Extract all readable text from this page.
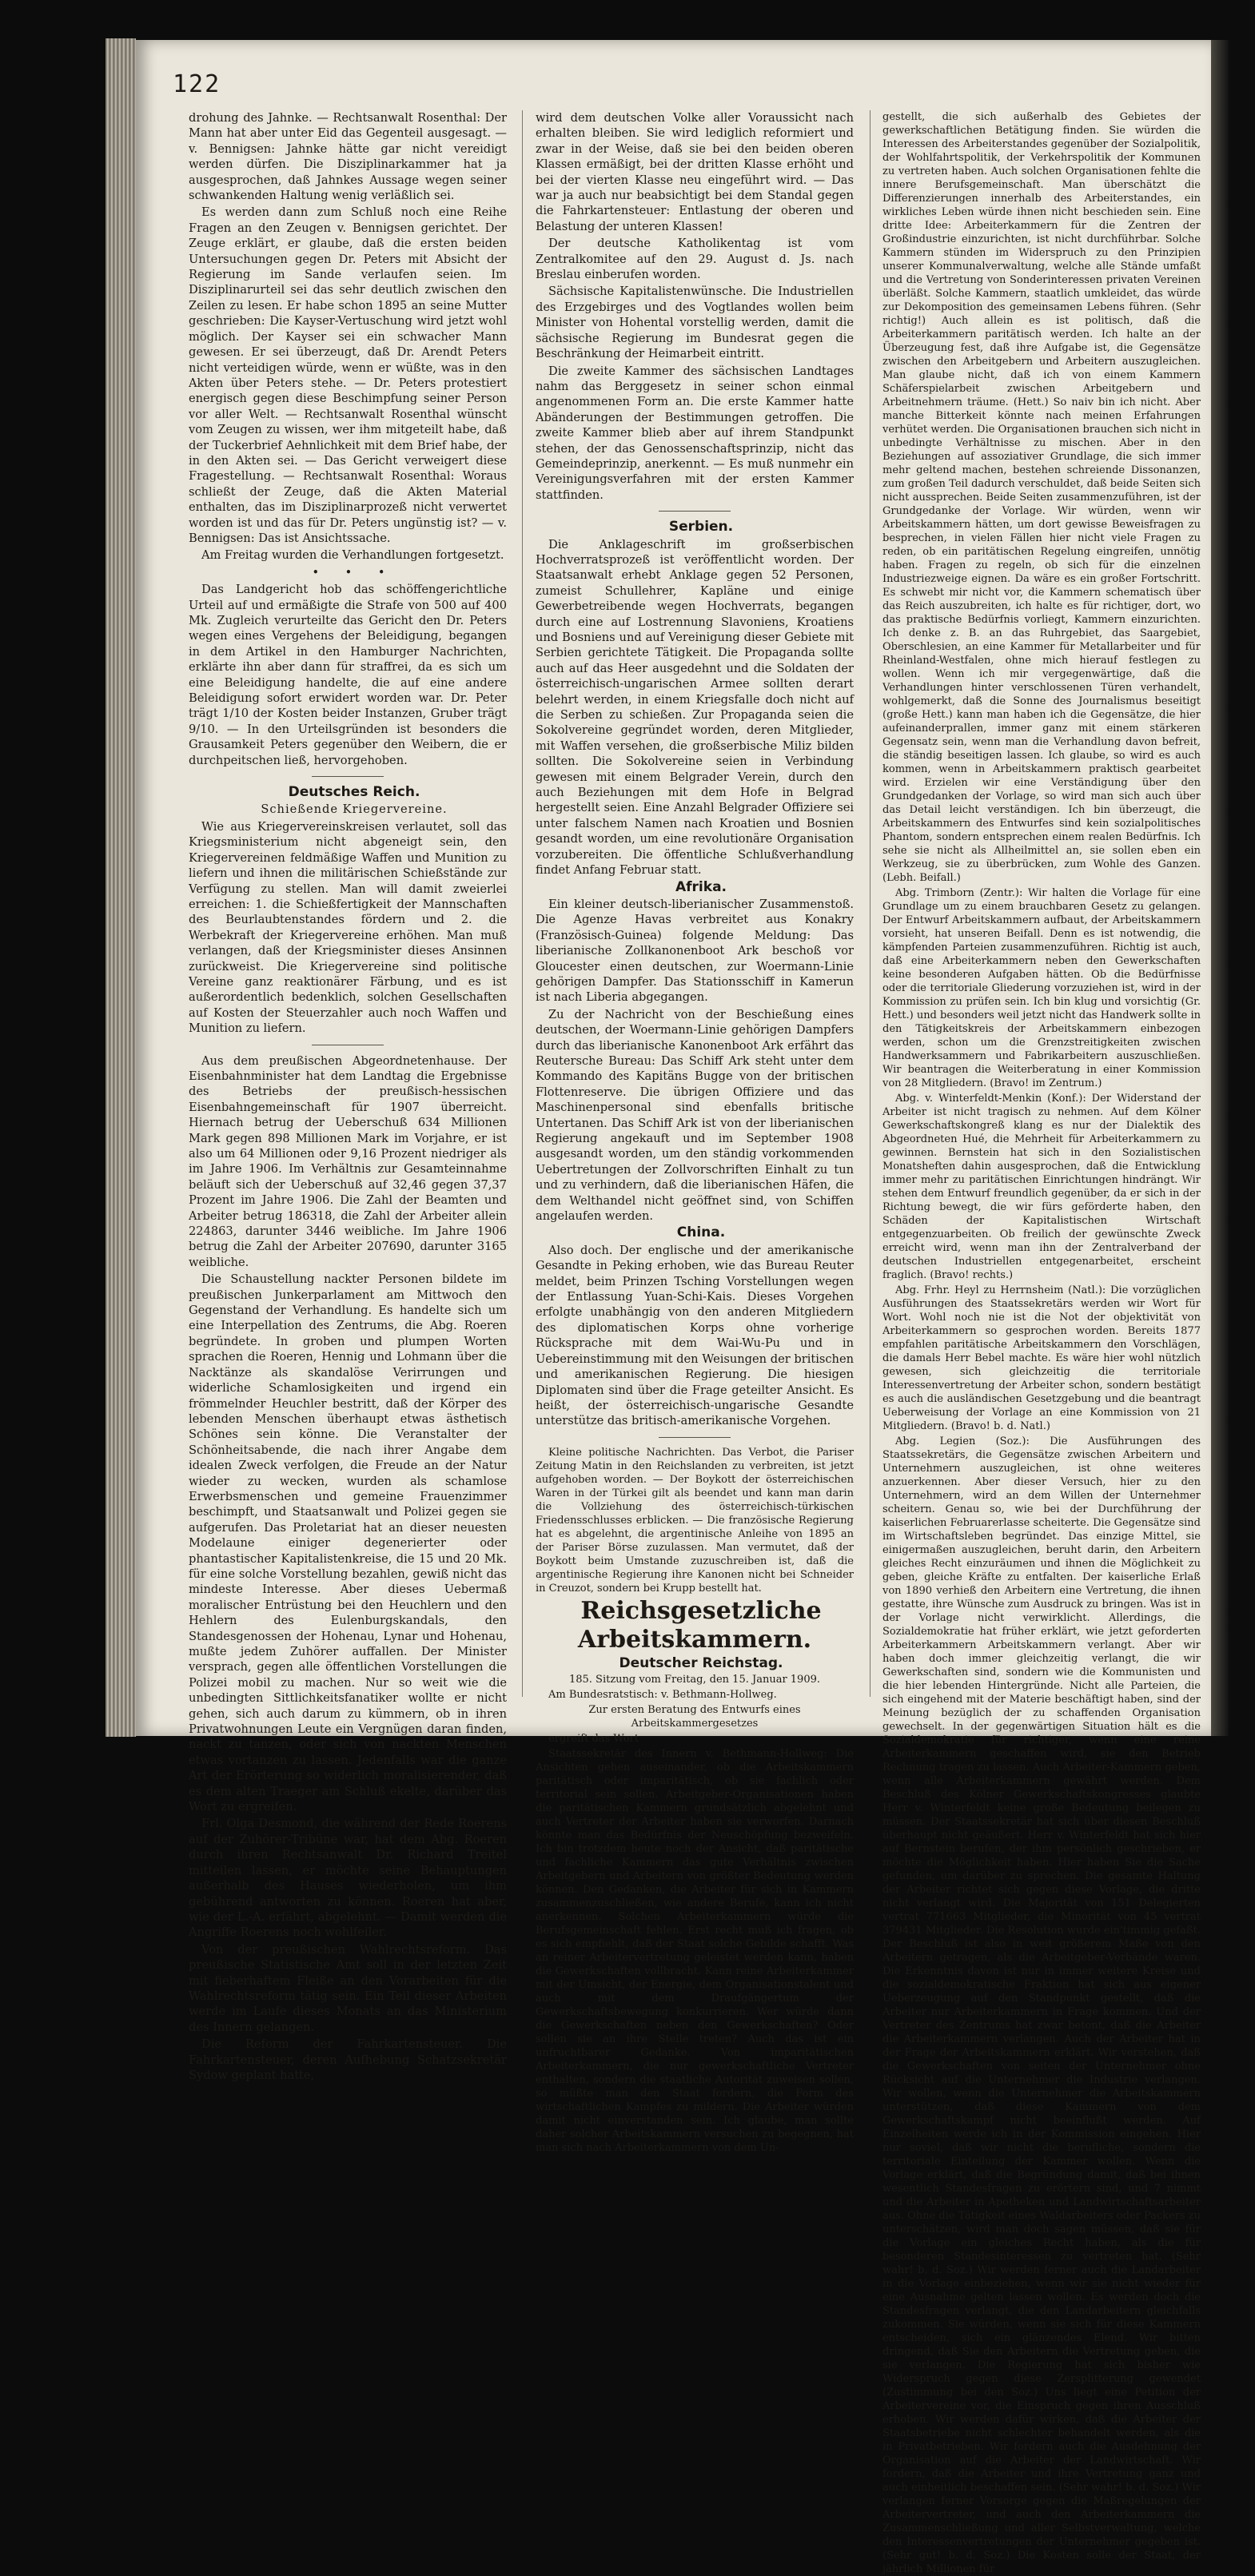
122

drohung des Jahnke. — Rechtsanwalt Rosenthal: Der Mann hat aber unter Eid das Gegenteil ausgesagt. — v. Bennigsen: Jahnke hätte gar nicht vereidigt werden dürfen. Die Disziplinarkammer hat ja ausgesprochen, daß Jahnkes Aussage wegen seiner schwankenden Haltung wenig verläßlich sei.

Es werden dann zum Schluß noch eine Reihe Fragen an den Zeugen v. Bennigsen gerichtet. Der Zeuge erklärt, er glaube, daß die ersten beiden Untersuchungen gegen Dr. Peters mit Absicht der Regierung im Sande verlaufen seien. Im Disziplinarurteil sei das sehr deutlich zwischen den Zeilen zu lesen. Er habe schon 1895 an seine Mutter geschrieben: Die Kayser-Vertuschung wird jetzt wohl möglich. Der Kayser sei ein schwacher Mann gewesen. Er sei überzeugt, daß Dr. Arendt Peters nicht verteidigen würde, wenn er wüßte, was in den Akten über Peters stehe. — Dr. Peters protestiert energisch gegen diese Beschimpfung seiner Person vor aller Welt. — Rechtsanwalt Rosenthal wünscht vom Zeugen zu wissen, wer ihm mitgeteilt habe, daß der Tuckerbrief Aehnlichkeit mit dem Brief habe, der in den Akten sei. — Das Gericht verweigert diese Fragestellung. — Rechtsanwalt Rosenthal: Woraus schließt der Zeuge, daß die Akten Material enthalten, das im Disziplinarprozeß nicht verwertet worden ist und das für Dr. Peters ungünstig ist? — v. Bennigsen: Das ist Ansichtssache.

Am Freitag wurden die Verhandlungen fortgesetzt.

• • •

Das Landgericht hob das schöffengerichtliche Urteil auf und ermäßigte die Strafe von 500 auf 400 Mk. Zugleich verurteilte das Gericht den Dr. Peters wegen eines Vergehens der Beleidigung, begangen in dem Artikel in den Hamburger Nachrichten, erklärte ihn aber dann für straffrei, da es sich um eine Beleidigung handelte, die auf eine andere Beleidigung sofort erwidert worden war. Dr. Peter trägt 1/10 der Kosten beider Instanzen, Gruber trägt 9/10. — In den Urteilsgründen ist besonders die Grausamkeit Peters gegenüber den Weibern, die er durchpeitschen ließ, hervorgehoben.

Deutsches Reich.

Schießende Kriegervereine.

Wie aus Kriegervereinskreisen verlautet, soll das Kriegsministerium nicht abgeneigt sein, den Kriegervereinen feldmäßige Waffen und Munition zu liefern und ihnen die militärischen Schießstände zur Verfügung zu stellen. Man will damit zweierlei erreichen: 1. die Schießfertigkeit der Mannschaften des Beurlaubtenstandes fördern und 2. die Werbekraft der Kriegervereine erhöhen. Man muß verlangen, daß der Kriegsminister dieses Ansinnen zurückweist. Die Kriegervereine sind politische Vereine ganz reaktionärer Färbung, und es ist außerordentlich bedenklich, solchen Gesellschaften auf Kosten der Steuerzahler auch noch Waffen und Munition zu liefern.

Aus dem preußischen Abgeordnetenhause. Der Eisenbahnminister hat dem Landtag die Ergebnisse des Betriebs der preußisch-hessischen Eisenbahngemeinschaft für 1907 überreicht. Hiernach betrug der Ueberschuß 634 Millionen Mark gegen 898 Millionen Mark im Vorjahre, er ist also um 64 Millionen oder 9,16 Prozent niedriger als im Jahre 1906. Im Verhältnis zur Gesamteinnahme beläuft sich der Ueberschuß auf 32,46 gegen 37,37 Prozent im Jahre 1906. Die Zahl der Beamten und Arbeiter betrug 186318, die Zahl der Arbeiter allein 224863, darunter 3446 weibliche. Im Jahre 1906 betrug die Zahl der Arbeiter 207690, darunter 3165 weibliche.

Die Schaustellung nackter Personen bildete im preußischen Junkerparlament am Mittwoch den Gegenstand der Verhandlung. Es handelte sich um eine Interpellation des Zentrums, die Abg. Roeren begründete. In groben und plumpen Worten sprachen die Roeren, Hennig und Lohmann über die Nacktänze als skandalöse Verirrungen und widerliche Schamlosigkeiten und irgend ein frömmelnder Heuchler bestritt, daß der Körper des lebenden Menschen überhaupt etwas ästhetisch Schönes sein könne. Die Veranstalter der Schönheitsabende, die nach ihrer Angabe dem idealen Zweck verfolgen, die Freude an der Natur wieder zu wecken, wurden als schamlose Erwerbsmenschen und gemeine Frauenzimmer beschimpft, und Staatsanwalt und Polizei gegen sie aufgerufen. Das Proletariat hat an dieser neuesten Modelaune einiger degenerierter oder phantastischer Kapitalistenkreise, die 15 und 20 Mk. für eine solche Vorstellung bezahlen, gewiß nicht das mindeste Interesse. Aber dieses Uebermaß moralischer Entrüstung bei den Heuchlern und den Hehlern des Eulenburgskandals, den Standesgenossen der Hohenau, Lynar und Hohenau, mußte jedem Zuhörer auffallen. Der Minister versprach, gegen alle öffentlichen Vorstellungen die Polizei mobil zu machen. Nur so weit wie die unbedingten Sittlichkeitsfanatiker wollte er nicht gehen, sich auch darum zu kümmern, ob in ihren Privatwohnungen Leute ein Vergnügen daran finden, nackt zu tanzen, oder sich von nackten Menschen etwas vortanzen zu lassen. Jedenfalls war die ganze Art der Erörterung so widerlich moralisierender, daß es dem alten Traeger am Schluß ekelte, darüber das Wort zu ergreifen.

Frl. Olga Desmond, die während der Rede Roerens auf der Zuhörer-Tribüne war, hat dem Abg. Roeren durch ihren Rechtsanwalt Dr. Richard Treitel mitteilen lassen, er möchte seine Behauptungen außerhalb des Hauses wiederholen, um ihm gebührend antworten zu können. Roeren hat aber, wie der L.-A. erfährt, abgelehnt. — Damit werden die Angriffe Roerens noch wohlfeiler.

Von der preußischen Wahlrechtsreform. Das preußische Statistische Amt soll in der letzten Zeit mit fieberhaftem Fleiße an den Vorarbeiten für die Wahlrechtsreform tätig sein. Ein Teil dieser Arbeiten werde im Laufe dieses Monats an das Ministerium des Innern gelangen.

Die Reform der Fahrkartensteuer. Die Fahrkartensteuer, deren Aufhebung Schatzsekretär Sydow geplant hatte,

wird dem deutschen Volke aller Voraussicht nach erhalten bleiben. Sie wird lediglich reformiert und zwar in der Weise, daß sie bei den beiden oberen Klassen ermäßigt, bei der dritten Klasse erhöht und bei der vierten Klasse neu eingeführt wird. — Das war ja auch nur beabsichtigt bei dem Standal gegen die Fahrkartensteuer: Entlastung der oberen und Belastung der unteren Klassen!

Der deutsche Katholikentag ist vom Zentralkomitee auf den 29. August d. Js. nach Breslau einberufen worden.

Sächsische Kapitalistenwünsche. Die Industriellen des Erzgebirges und des Vogtlandes wollen beim Minister von Hohental vorstellig werden, damit die sächsische Regierung im Bundesrat gegen die Beschränkung der Heimarbeit eintritt.

Die zweite Kammer des sächsischen Landtages nahm das Berggesetz in seiner schon einmal angenommenen Form an. Die erste Kammer hatte Abänderungen der Bestimmungen getroffen. Die zweite Kammer blieb aber auf ihrem Standpunkt stehen, der das Genossenschaftsprinzip, nicht das Gemeindeprinzip, anerkennt. — Es muß nunmehr ein Vereinigungsverfahren mit der ersten Kammer stattfinden.

Serbien.

Die Anklageschrift im großserbischen Hochverratsprozeß ist veröffentlicht worden. Der Staatsanwalt erhebt Anklage gegen 52 Personen, zumeist Schullehrer, Kapläne und einige Gewerbetreibende wegen Hochverrats, begangen durch eine auf Lostrennung Slavoniens, Kroatiens und Bosniens und auf Vereinigung dieser Gebiete mit Serbien gerichtete Tätigkeit. Die Propaganda sollte auch auf das Heer ausgedehnt und die Soldaten der österreichisch-ungarischen Armee sollten derart belehrt werden, in einem Kriegsfalle doch nicht auf die Serben zu schießen. Zur Propaganda seien die Sokolvereine gegründet worden, deren Mitglieder, mit Waffen versehen, die großserbische Miliz bilden sollten. Die Sokolvereine seien in Verbindung gewesen mit einem Belgrader Verein, durch den auch Beziehungen mit dem Hofe in Belgrad hergestellt seien. Eine Anzahl Belgrader Offiziere sei unter falschem Namen nach Kroatien und Bosnien gesandt worden, um eine revolutionäre Organisation vorzubereiten. Die öffentliche Schlußverhandlung findet Anfang Februar statt.

Afrika.

Ein kleiner deutsch-liberianischer Zusammenstoß. Die Agenze Havas verbreitet aus Konakry (Französisch-Guinea) folgende Meldung: Das liberianische Zollkanonenboot Ark beschoß vor Gloucester einen deutschen, zur Woermann-Linie gehörigen Dampfer. Das Stationsschiff in Kamerun ist nach Liberia abgegangen.

Zu der Nachricht von der Beschießung eines deutschen, der Woermann-Linie gehörigen Dampfers durch das liberianische Kanonenboot Ark erfährt das Reutersche Bureau: Das Schiff Ark steht unter dem Kommando des Kapitäns Bugge von der britischen Flottenreserve. Die übrigen Offiziere und das Maschinenpersonal sind ebenfalls britische Untertanen. Das Schiff Ark ist von der liberianischen Regierung angekauft und im September 1908 ausgesandt worden, um den ständig vorkommenden Uebertretungen der Zollvorschriften Einhalt zu tun und zu verhindern, daß die liberianischen Häfen, die dem Welthandel nicht geöffnet sind, von Schiffen angelaufen werden.

China.

Also doch. Der englische und der amerikanische Gesandte in Peking erhoben, wie das Bureau Reuter meldet, beim Prinzen Tsching Vorstellungen wegen der Entlassung Yuan-Schi-Kais. Dieses Vorgehen erfolgte unabhängig von den anderen Mitgliedern des diplomatischen Korps ohne vorherige Rücksprache mit dem Wai-Wu-Pu und in Uebereinstimmung mit den Weisungen der britischen und amerikanischen Regierung. Die hiesigen Diplomaten sind über die Frage geteilter Ansicht. Es heißt, der österreichisch-ungarische Gesandte unterstütze das britisch-amerikanische Vorgehen.

Kleine politische Nachrichten. Das Verbot, die Pariser Zeitung Matin in den Reichslanden zu verbreiten, ist jetzt aufgehoben worden. — Der Boykott der österreichischen Waren in der Türkei gilt als beendet und kann man darin die Vollziehung des österreichisch-türkischen Friedensschlusses erblicken. — Die französische Regierung hat es abgelehnt, die argentinische Anleihe von 1895 an der Pariser Börse zuzulassen. Man vermutet, daß der Boykott beim Umstande zuzuschreiben ist, daß die argentinische Regierung ihre Kanonen nicht bei Schneider in Creuzot, sondern bei Krupp bestellt hat.

Reichsgesetzliche Arbeitskammern.

Deutscher Reichstag.

185. Sitzung vom Freitag, den 15. Januar 1909.

Am Bundesratstisch: v. Bethmann-Hollweg.

Zur ersten Beratung des Entwurfs eines Arbeitskammergesetzes

ergreift das Wort

Staatssekretär des Innern v. Bethmann-Hollweg: Die Ansichten gehen auseinander, ob die Arbeitskammern paritätisch oder imparitätisch, ob sie fachlich oder territorial sein sollen. Arbeitgeber-Organisationen haben die paritätischen Kammern grundsätzlich abgelehnt und auch Vertreter der Arbeiter haben sie verworfen. Darnach könnte man das Bedürfnis der Neuschöpfung bezweifeln. Ich bin trotzdem heute noch der Ansicht, daß paritätische und fachliche Kammern das gute Verhältnis zwischen Arbeitgebern und Arbeitern von größter Bedeutung werden können. Den Gedanken, die Arbeiter für sich in Kammern zusammenzuschließen, wie andere Berufe, kann ich nicht anerkennen. Solchen Arbeiterkammern würde die Berufsgemeinschaft fehlen. Erst recht muß ich fragen, ob es sich empfiehlt, daß der Staat solche Gebilde schafft. Was an reiner Arbeitervertretung geleistet werden kann, haben die Gewerkschaften vollbracht. Kann reine Arbeiterkammer mit der Umsicht, der Energie, dem Organisationstalent und auch mit dem Draufgängertum der Gewerkschaftsbewegung konkurrieren. Wer würde dann die Gewerkschaften neben den Gewerkschaften? Oder sollen sie an ihre Stelle treten? Auch das ist ein unfruchtbarer Gedanke. Von imparitätischen Arbeiterkammern, die nur gewerkschaftliche Vertreter enthalten, sondern die staatliche Autorität zuweisen sollen, so müßte man den Staat fordern, die Form des wirtschaftlichen Kampfes zu mildern. Die Arbeiter würden damit nicht einverstanden sein. Ich glaube, man sollte daher solcher Arbeitskammern versuchen zu begegnen, hat man sich nach Arbeiterkammern von dem Un-

gestellt, die sich außerhalb des Gebietes der gewerkschaftlichen Betätigung finden. Sie würden die Interessen des Arbeiterstandes gegenüber der Sozialpolitik, der Wohlfahrtspolitik, der Verkehrspolitik der Kommunen zu vertreten haben. Auch solchen Organisationen fehlte die innere Berufsgemeinschaft. Man überschätzt die Differenzierungen innerhalb des Arbeiterstandes, ein wirkliches Leben würde ihnen nicht beschieden sein. Eine dritte Idee: Arbeiterkammern für die Zentren der Großindustrie einzurichten, ist nicht durchführbar. Solche Kammern stünden im Widerspruch zu den Prinzipien unserer Kommunalverwaltung, welche alle Stände umfaßt und die Vertretung von Sonderinteressen privaten Vereinen überläßt. Solche Kammern, staatlich umkleidet, das würde zur Dekomposition des gemeinsamen Lebens führen. (Sehr richtig!) Auch allein es ist politisch, daß die Arbeiterkammern paritätisch werden. Ich halte an der Überzeugung fest, daß ihre Aufgabe ist, die Gegensätze zwischen den Arbeitgebern und Arbeitern auszugleichen. Man glaube nicht, daß ich von einem Kammern Schäferspielarbeit zwischen Arbeitgebern und Arbeitnehmern träume. (Hett.) So naiv bin ich nicht. Aber manche Bitterkeit könnte nach meinen Erfahrungen verhütet werden. Die Organisationen brauchen sich nicht in unbedingte Verhältnisse zu mischen. Aber in den Beziehungen auf assoziativer Grundlage, die sich immer mehr geltend machen, bestehen schreiende Dissonanzen, zum großen Teil dadurch verschuldet, daß beide Seiten sich nicht aussprechen. Beide Seiten zusammenzuführen, ist der Grundgedanke der Vorlage. Wir würden, wenn wir Arbeitskammern hätten, um dort gewisse Beweisfragen zu besprechen, in vielen Fällen hier nicht viele Fragen zu reden, ob ein paritätischen Regelung eingreifen, unnötig haben. Fragen zu regeln, ob sich für die einzelnen Industriezweige eignen. Da wäre es ein großer Fortschritt. Es schwebt mir nicht vor, die Kammern schematisch über das Reich auszubreiten, ich halte es für richtiger, dort, wo das praktische Bedürfnis vorliegt, Kammern einzurichten. Ich denke z. B. an das Ruhrgebiet, das Saargebiet, Oberschlesien, an eine Kammer für Metallarbeiter und für Rheinland-Westfalen, ohne mich hierauf festlegen zu wollen. Wenn ich mir vergegenwärtige, daß die Verhandlungen hinter verschlossenen Türen verhandelt, wohlgemerkt, daß die Sonne des Journalismus beseitigt (große Hett.) kann man haben ich die Gegensätze, die hier aufeinanderprallen, immer ganz mit einem stärkeren Gegensatz sein, wenn man die Verhandlung davon befreit, die ständig beseitigen lassen. Ich glaube, so wird es auch kommen, wenn in Arbeitskammern praktisch gearbeitet wird. Erzielen wir eine Verständigung über den Grundgedanken der Vorlage, so wird man sich auch über das Detail leicht verständigen. Ich bin überzeugt, die Arbeitskammern des Entwurfes sind kein sozialpolitisches Phantom, sondern entsprechen einem realen Bedürfnis. Ich sehe sie nicht als Allheilmittel an, sie sollen eben ein Werkzeug, sie zu überbrücken, zum Wohle des Ganzen. (Lebh. Beifall.)

Abg. Trimborn (Zentr.): Wir halten die Vorlage für eine Grundlage um zu einem brauchbaren Gesetz zu gelangen. Der Entwurf Arbeitskammern aufbaut, der Arbeitskammern vorsieht, hat unseren Beifall. Denn es ist notwendig, die kämpfenden Parteien zusammenzuführen. Richtig ist auch, daß eine Arbeiterkammern neben den Gewerkschaften keine besonderen Aufgaben hätten. Ob die Bedürfnisse oder die territoriale Gliederung vorzuziehen ist, wird in der Kommission zu prüfen sein. Ich bin klug und vorsichtig (Gr. Hett.) und besonders weil jetzt nicht das Handwerk sollte in den Tätigkeitskreis der Arbeitskammern einbezogen werden, schon um die Grenzstreitigkeiten zwischen Handwerksammern und Fabrikarbeitern auszuschließen. Wir beantragen die Weiterberatung in einer Kommission von 28 Mitgliedern. (Bravo! im Zentrum.)

Abg. v. Winterfeldt-Menkin (Konf.): Der Widerstand der Arbeiter ist nicht tragisch zu nehmen. Auf dem Kölner Gewerkschaftskongreß klang es nur der Dialektik des Abgeordneten Hué, die Mehrheit für Arbeiterkammern zu gewinnen. Bernstein hat sich in den Sozialistischen Monatsheften dahin ausgesprochen, daß die Entwicklung immer mehr zu paritätischen Einrichtungen hindrängt. Wir stehen dem Entwurf freundlich gegenüber, da er sich in der Richtung bewegt, die wir fürs geförderte haben, den Schäden der Kapitalistischen Wirtschaft entgegenzuarbeiten. Ob freilich der gewünschte Zweck erreicht wird, wenn man ihn der Zentralverband der deutschen Industriellen entgegenarbeitet, erscheint fraglich. (Bravo! rechts.)

Abg. Frhr. Heyl zu Herrnsheim (Natl.): Die vorzüglichen Ausführungen des Staatssekretärs werden wir Wort für Wort. Wohl noch nie ist die Not der objektivität von Arbeiterkammern so gesprochen worden. Bereits 1877 empfahlen paritätische Arbeitskammern den Vorschlägen, die damals Herr Bebel machte. Es wäre hier wohl nützlich gewesen, sich gleichzeitig die territoriale Interessenvertretung der Arbeiter schon, sondern bestätigt es auch die ausländischen Gesetzgebung und die beantragt Ueberweisung der Vorlage an eine Kommission von 21 Mitgliedern. (Bravo! b. d. Natl.)

Abg. Legien (Soz.): Die Ausführungen des Staatssekretärs, die Gegensätze zwischen Arbeitern und Unternehmern auszugleichen, ist ohne weiteres anzuerkennen. Aber dieser Versuch, hier zu den Unternehmern, wird an dem Willen der Unternehmer scheitern. Genau so, wie bei der Durchführung der kaiserlichen Februarerlasse scheiterte. Die Gegensätze sind im Wirtschaftsleben begründet. Das einzige Mittel, sie einigermaßen auszugleichen, beruht darin, den Arbeitern gleiches Recht einzuräumen und ihnen die Möglichkeit zu geben, gleiche Kräfte zu entfalten. Der kaiserliche Erlaß von 1890 verhieß den Arbeitern eine Vertretung, die ihnen gestatte, ihre Wünsche zum Ausdruck zu bringen. Was ist in der Vorlage nicht verwirklicht. Allerdings, die Sozialdemokratie hat früher erklärt, wie jetzt geforderten Arbeiterkammern Arbeitskammern verlangt. Aber wir haben doch immer gleichzeitig verlangt, die wir Gewerkschaften sind, sondern wie die Kommunisten und die hier lebenden Hintergründe. Nicht alle Parteien, die sich eingehend mit der Materie beschäftigt haben, sind der Meinung bezüglich der zu schaffenden Organisation gewechselt. In der gegenwärtigen Situation hält es die Sozialdemokratie für richtiger, wenn eine reine Arbeiterkammern geschaffen wird, sie den Betrieb Rechnung tragen zu lassen. Auch Arbeiter-Kammern geben, wenn alle Arbeiterkammern gewährt werden. Dem Beschluß des Kölner Gewerkschaftskongresses glaubte Herr v. Winterfeldt keine große Bedeutung beilegen zu müssen. Der Staatssekretär hat sich über diesen Beschluß überhaupt nicht geäußert. Herr v. Winterfeldt hat sich hier auf Bernstein berufen, der ihm persönlich geschrieben, er möchte die Möglichkeit haben. Hier haben Sie die Sache gefunden, um darüber zu sprechen. Die gesamte Haltung der Arbeiter richtet sich gegen diese Vorlage, die dritte nicht verlangt wird. Die Majorität von 151 Delegierten vertrat 771663 Mitglieder, die Minorität von 45 vertrat 379431 Mitglieder. Die Resolution wurde ein'timmig gefaßt. Der Beschluß ist also in weit größerem Maße von den Arbeitern getragen, als die Arbeitgeber-Verbände waren. Die Erkenntnis davon ist nur in immer weitere Kreise und die sozialdemokratische Fraktion hat sich aus eigener Ueberzeugung auf den Standpunkt gestellt, daß die Arbeiter nur Arbeiterkammern in Frage kommen. Und der Vertreter des Zentrums hat zwar betont, daß die Arbeiter die Arbeiterkammern verlangen. Auch der Arbeiter hat in der Frage der Arbeitskammern erklärt. Wir verstehen, daß die Gewerkschaften von seiten der Unternehmer ohne Rücksicht auf die Unternehmer die Industrie verlangen. Wir wollen, wenn die Unternehmer die Arbeitskammern unterstützen, daß diese Kammern von dem Gewerkschaftskampf nicht beeinflußt werden. Auf Einzelheiten werde ich in der Kommission eingehen. Hier nur soviel, daß wir nicht die berufliche, sondern die territoriale Einteilung der Kammer wollen. Wenn die Vorlage erklärt, daß die Begründung damit, daß bei ihnen wesentlich Standesfragen zu erörtern sind, und 7 nimmt und die Arbeiter in Apotheken und Landwirtschaftsarbeiter aus. Ohne die Tätigkeit eines Waldarbeiters oder Packers zu unterschätzen, wird man doch sagen müssen, daß sie für die Vorlage ein gleiches Recht haben, als die für besonderen Standesinteressen zu vertreten hat. (Sehr wahr! b. d. Soz.) Wir werden ferner auch die Landarbeiter in die Vorlage einbeziehen, wenn wir sie nicht wieder für eine Ausnahme gelten lassen wollen. Es werden doch die Standesfragen verlangt, die den Landarbeitern gleichfalls zukommen. Sie würden, wenn sie sich für diese Kammern entscheiden, sich ein glänzendes Elend. Wir bitten dringend, daß Sie den Arbeitern die Vertretung geben, die sie verlangen. Die Regierung hat sich bisher wie Widerspruch gegen diese Zersplitterung gewendet (Zustimmung bei den Soz.) Uns liegt eine Petition der Arbeitervereine vor, die Einspruch gegen ihren Ausschluß erhoben. Wir werden dafür wirken, daß die Arbeiter der Staatsbetriebe nicht schlechter behandelt werden, als die in Privatbetrieben. Wir fordern auch die Ausdehnung der Organisation auf die Arbeiter der Landwirtschaft. Wir fordern, daß die Arbeiter und ihre Vertretung ganz und auch einheitlich beschaffen sein. (Sehr wahr! b. d. Soz.) Wir verlangen ferner Vorsorge gegen die Maßregelungen der Arbeitervertreter, und auch den Arbeiterkammern die Zusammenschließung und aller Selbstverwaltung, welche den Interessenvertretungen der Unternehmer gegeben ist. (Sehr gut! b. d. Soz.) Die Kosten solle der Staat, der jährlich Millionen für
